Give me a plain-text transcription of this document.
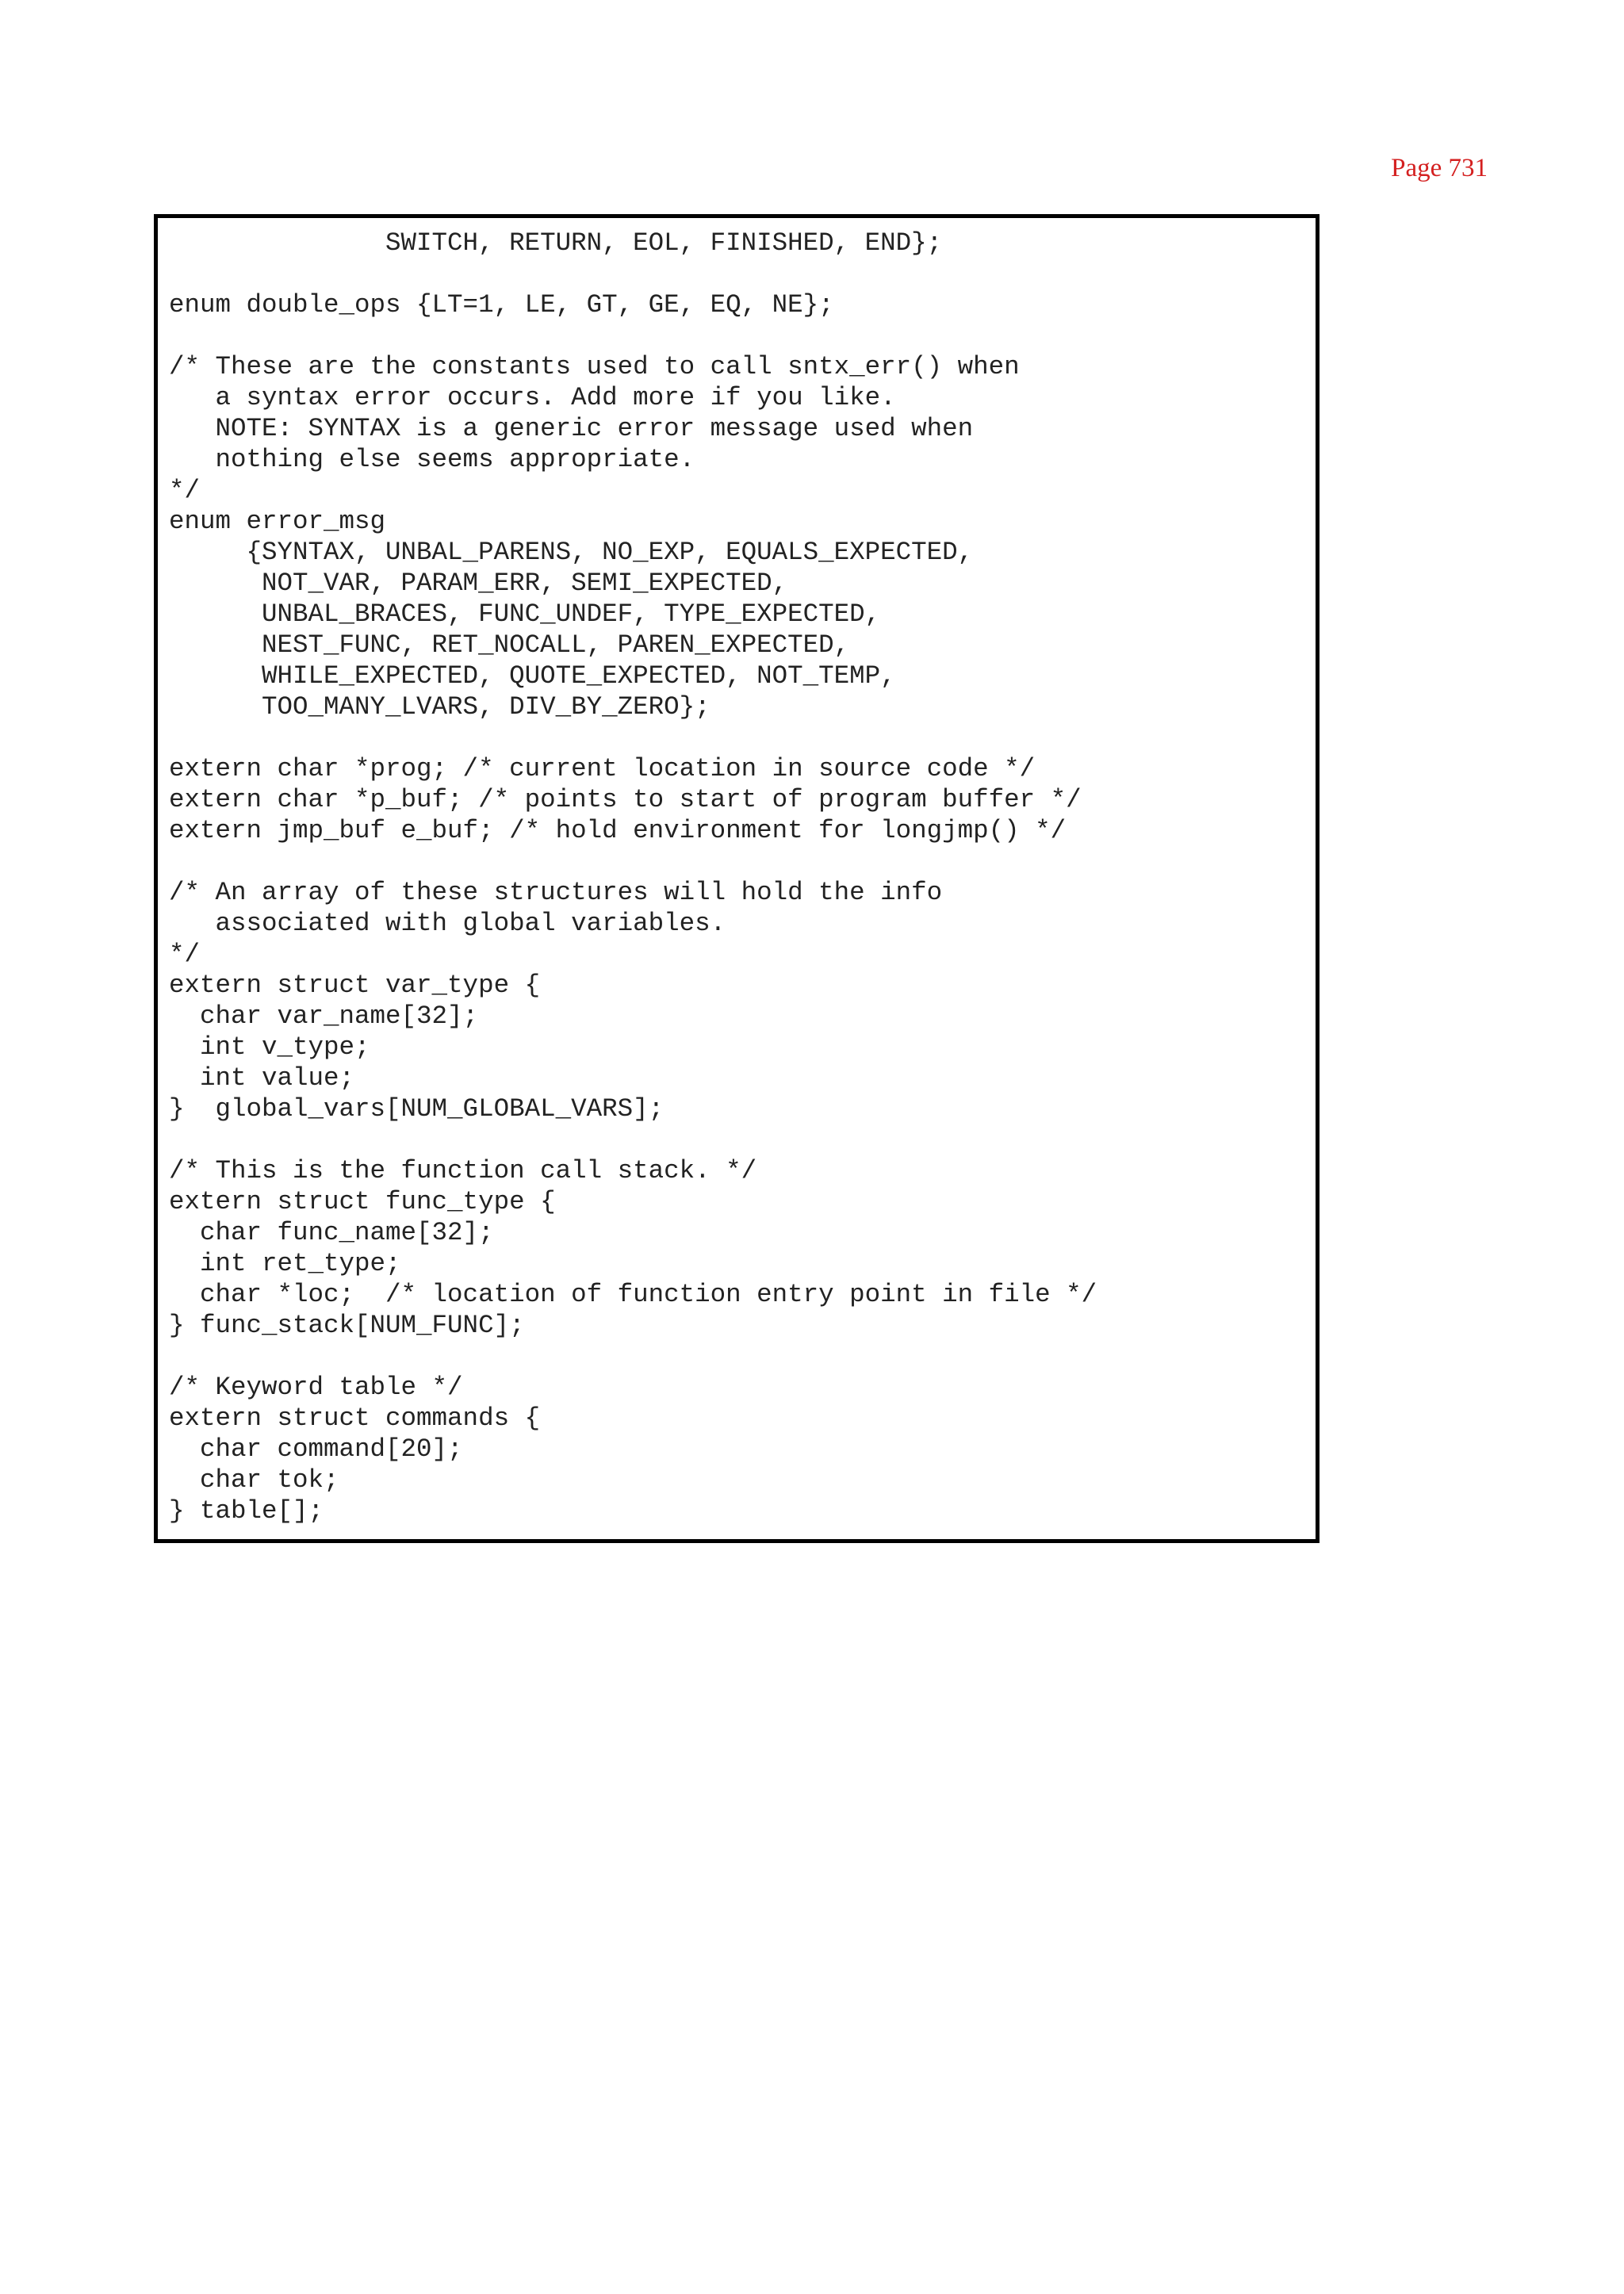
Page 731
SWITCH, RETURN, EOL, FINISHED, END};
enum double_ops {LT=1, LE, GT, GE, EQ, NE};
/* These are the constants used to call sntx_err() when
a syntax error occurs. Add more if you like.
NOTE: SYNTAX is a generic error message used when
nothing else seems appropriate.
*/
enum error_msg
{SYNTAX, UNBAL_PARENS, NO_EXP, EQUALS_EXPECTED,
NOT_VAR, PARAM_ERR, SEMI_EXPECTED,
UNBAL_BRACES, FUNC_UNDEF, TYPE_EXPECTED,
NEST_FUNC, RET_NOCALL, PAREN_EXPECTED,
WHILE_EXPECTED, QUOTE_EXPECTED, NOT_TEMP,
TOO_MANY_LVARS, DIV_BY_ZERO};
extern char *prog; /* current location in source code */
extern char *p_buf; /* points to start of program buffer */
extern jmp_buf e_buf; /* hold environment for longjmp() */
/* An array of these structures will hold the info
associated with global variables.
*/
extern struct var_type {
char var_name[32];
int v_type;
int value;
}  global_vars[NUM_GLOBAL_VARS];
/* This is the function call stack. */
extern struct func_type {
char func_name[32];
int ret_type;
char *loc;  /* location of function entry point in file */
} func_stack[NUM_FUNC];
/* Keyword table */
extern struct commands {
char command[20];
char tok;
} table[];
